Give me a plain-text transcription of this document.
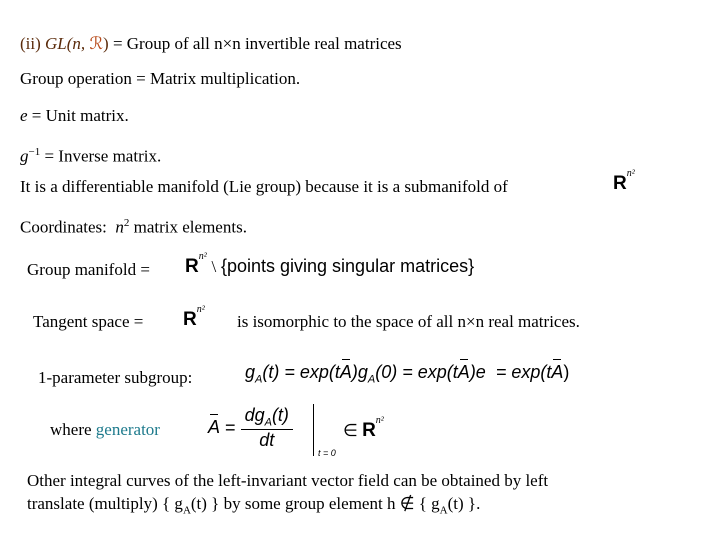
(ii) GL(n, ℛ) = Group of all n×n invertible real matrices
Group operation = Matrix multiplication.
e = Unit matrix.
$g^{-1}$ = Inverse matrix.
It is a differentiable manifold (Lie group) because it is a submanifold of	$R^{n^2}$
Coordinates: $n^2$ matrix elements.
Group manifold = $R^{n^2}$ \ {points giving singular matrices}
Tangent space = $R^{n^2}$
is isomorphic to the space of all n×n real matrices.
1-parameter subgroup:	$g_A(t) = \exp(tA)g_A(0) = \exp(tA)e = \exp(tA)$
where generator	$A = \frac{dg_A(t)}{dt}$
t = 0
∈ $R^{n^2}$
Other integral curves of the left-invariant vector field can be obtained by left
translate (multiply) { $g_A(t)$ } by some group element h ∉ { $g_A(t)$ }.
